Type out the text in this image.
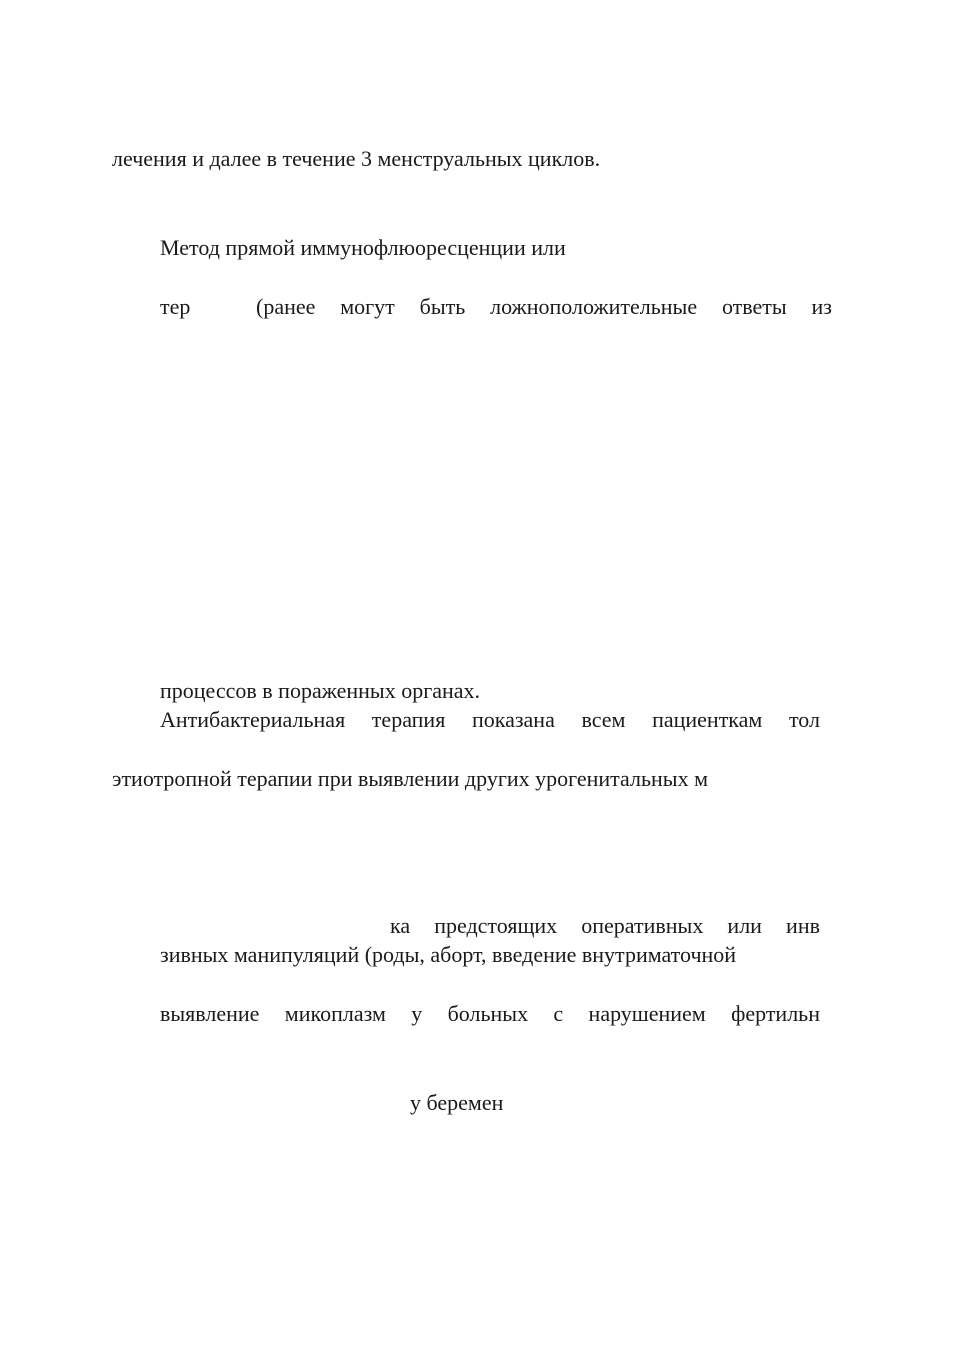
лечения и далее в течение 3 менструальных циклов.
Метод прямой иммунофлюоресценции или
тер	(ранее могут быть ложноположительные ответы из
процессов в пораженных органах.
Антибактериальная терапия показана всем пациенткам тол
этиотропной терапии при выявлении других урогенитальных м
ка предстоящих оперативных или инв
зивных манипуляций (роды, аборт, введение внутриматочной
выявление микоплазм у больных с нарушением фертильн
у беремен
